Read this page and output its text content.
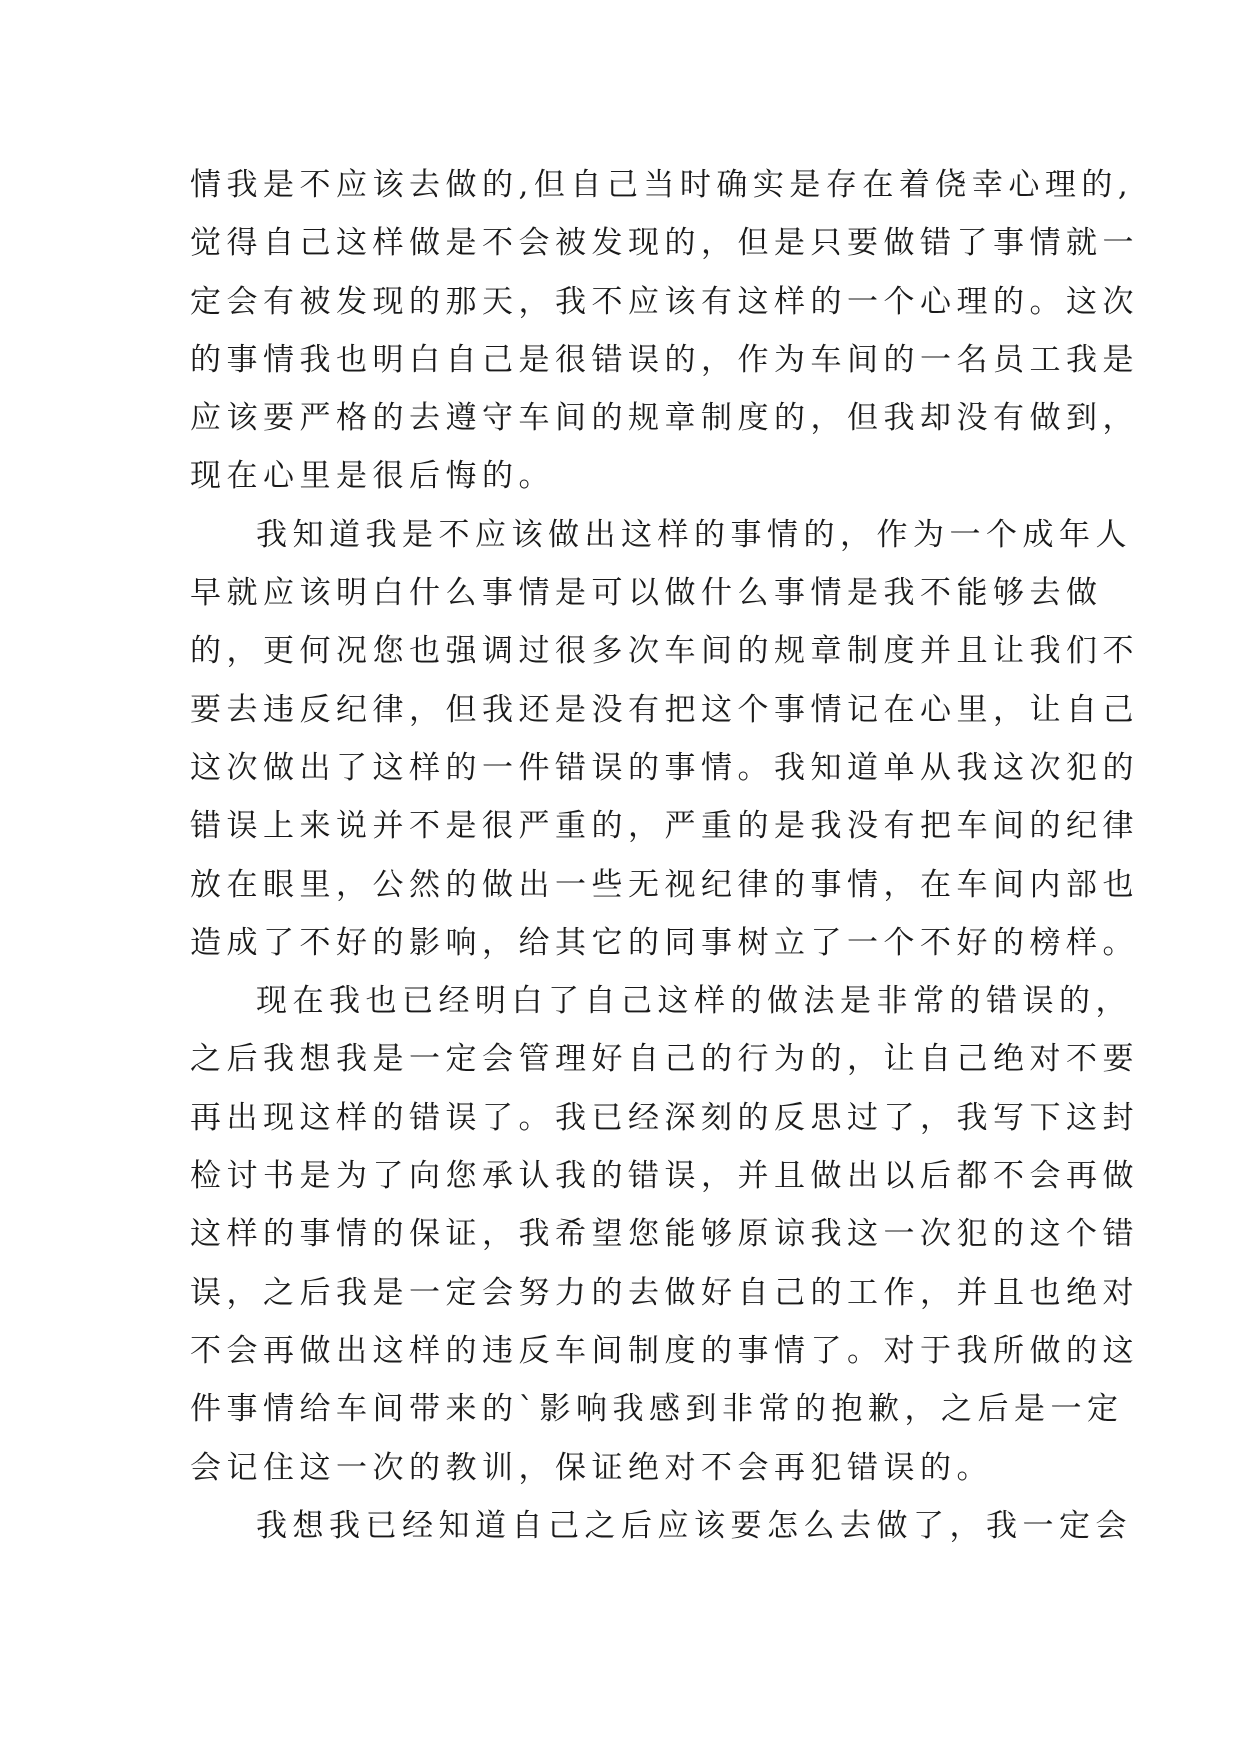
情我是不应该去做的,但自己当时确实是存在着侥幸心理的,
觉得自己这样做是不会被发现的，但是只要做错了事情就一
定会有被发现的那天，我不应该有这样的一个心理的。这次
的事情我也明白自己是很错误的，作为车间的一名员工我是
应该要严格的去遵守车间的规章制度的，但我却没有做到，
现在心里是很后悔的。
我知道我是不应该做出这样的事情的，作为一个成年人
早就应该明白什么事情是可以做什么事情是我不能够去做
的，更何况您也强调过很多次车间的规章制度并且让我们不
要去违反纪律，但我还是没有把这个事情记在心里，让自己
这次做出了这样的一件错误的事情。我知道单从我这次犯的
错误上来说并不是很严重的，严重的是我没有把车间的纪律
放在眼里，公然的做出一些无视纪律的事情，在车间内部也
造成了不好的影响，给其它的同事树立了一个不好的榜样。
现在我也已经明白了自己这样的做法是非常的错误的，
之后我想我是一定会管理好自己的行为的，让自己绝对不要
再出现这样的错误了。我已经深刻的反思过了，我写下这封
检讨书是为了向您承认我的错误，并且做出以后都不会再做
这样的事情的保证，我希望您能够原谅我这一次犯的这个错
误，之后我是一定会努力的去做好自己的工作，并且也绝对
不会再做出这样的违反车间制度的事情了。对于我所做的这
件事情给车间带来的`影响我感到非常的抱歉，之后是一定
会记住这一次的教训，保证绝对不会再犯错误的。
我想我已经知道自己之后应该要怎么去做了，我一定会
